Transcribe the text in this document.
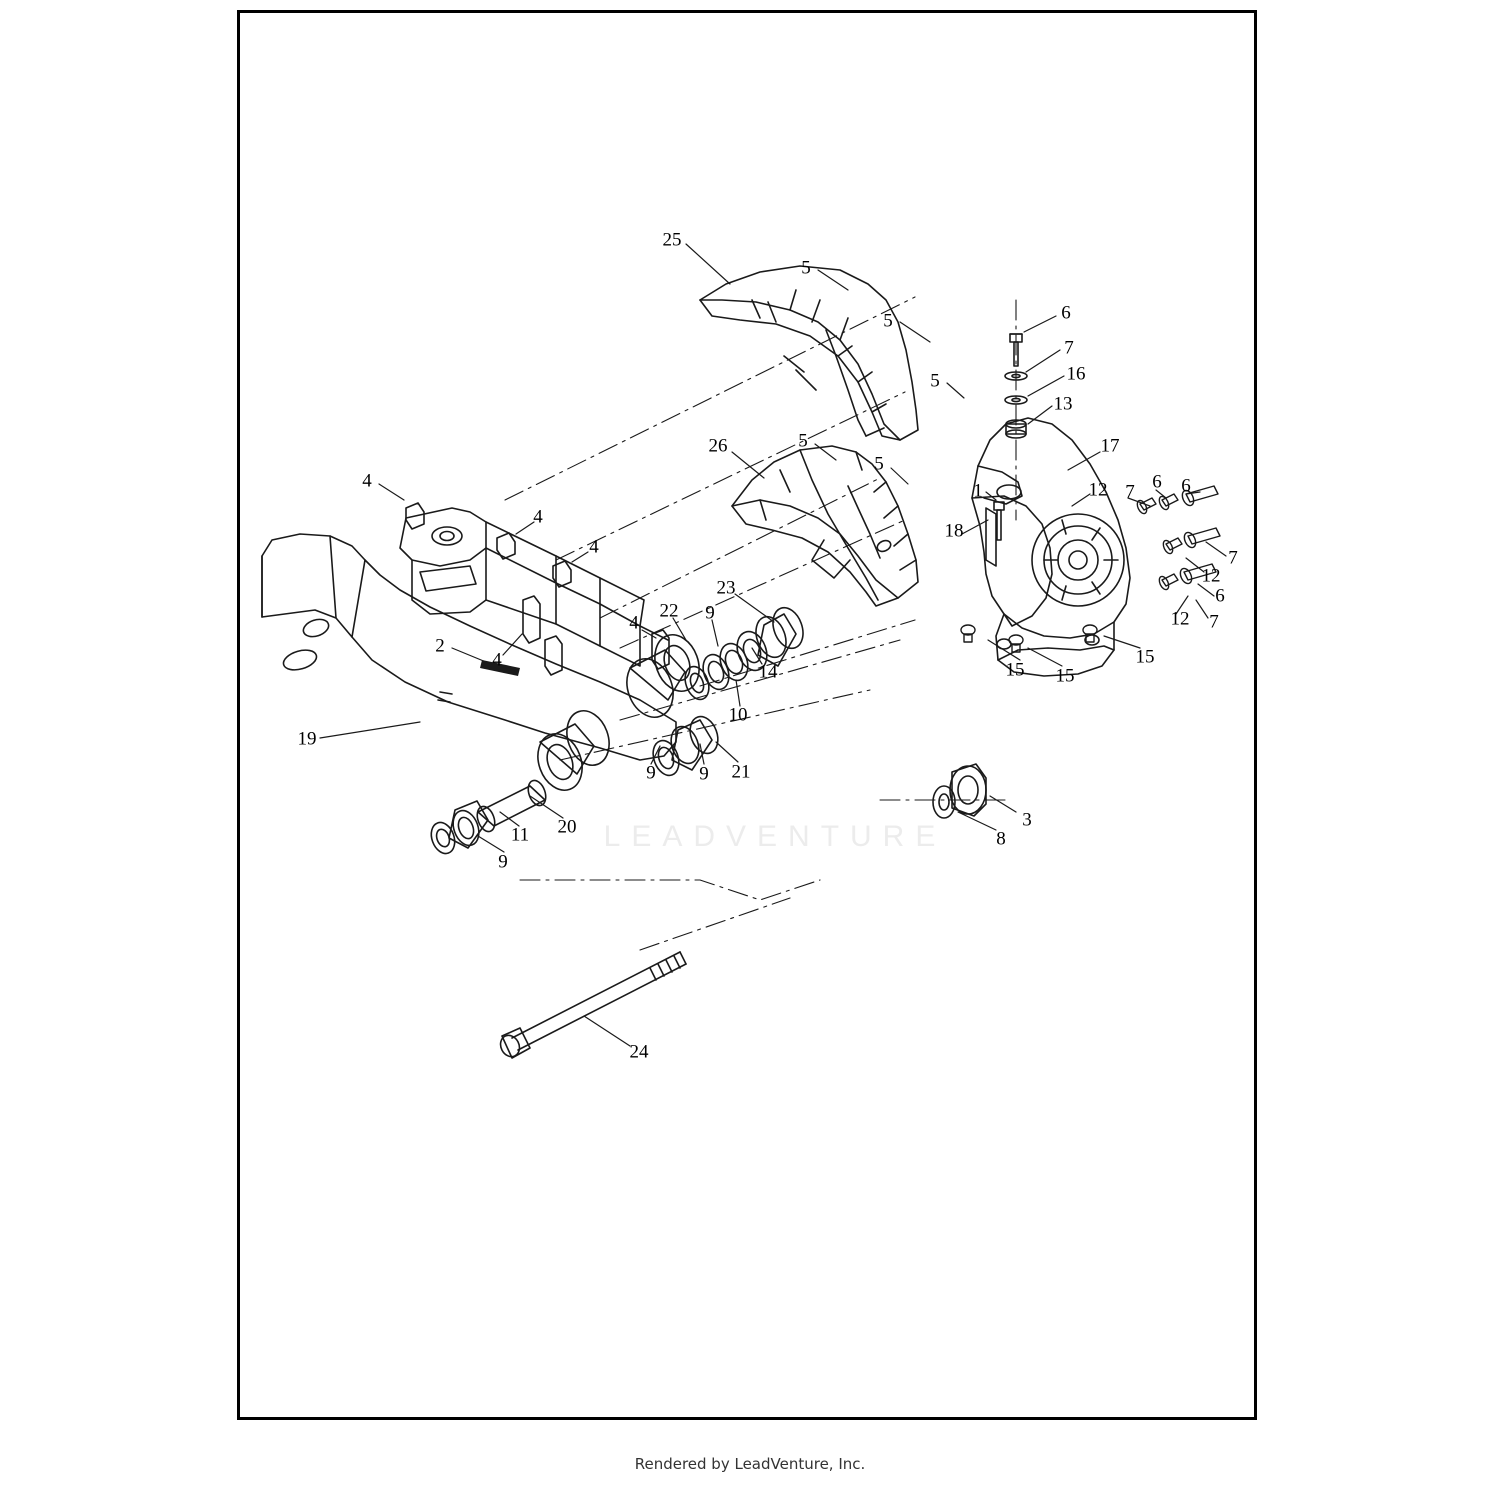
LEADVENTURE
25
5
5	6
7
16
5
13
26	5	17
5
4	1	12 7 6 6
4
18
4
7
12
23	6
22 9	12 7
4
2
15 15
15
4
14
10
19
9 9 21
3
8
11 20
9
24
Rendered by LeadVenture, Inc.
